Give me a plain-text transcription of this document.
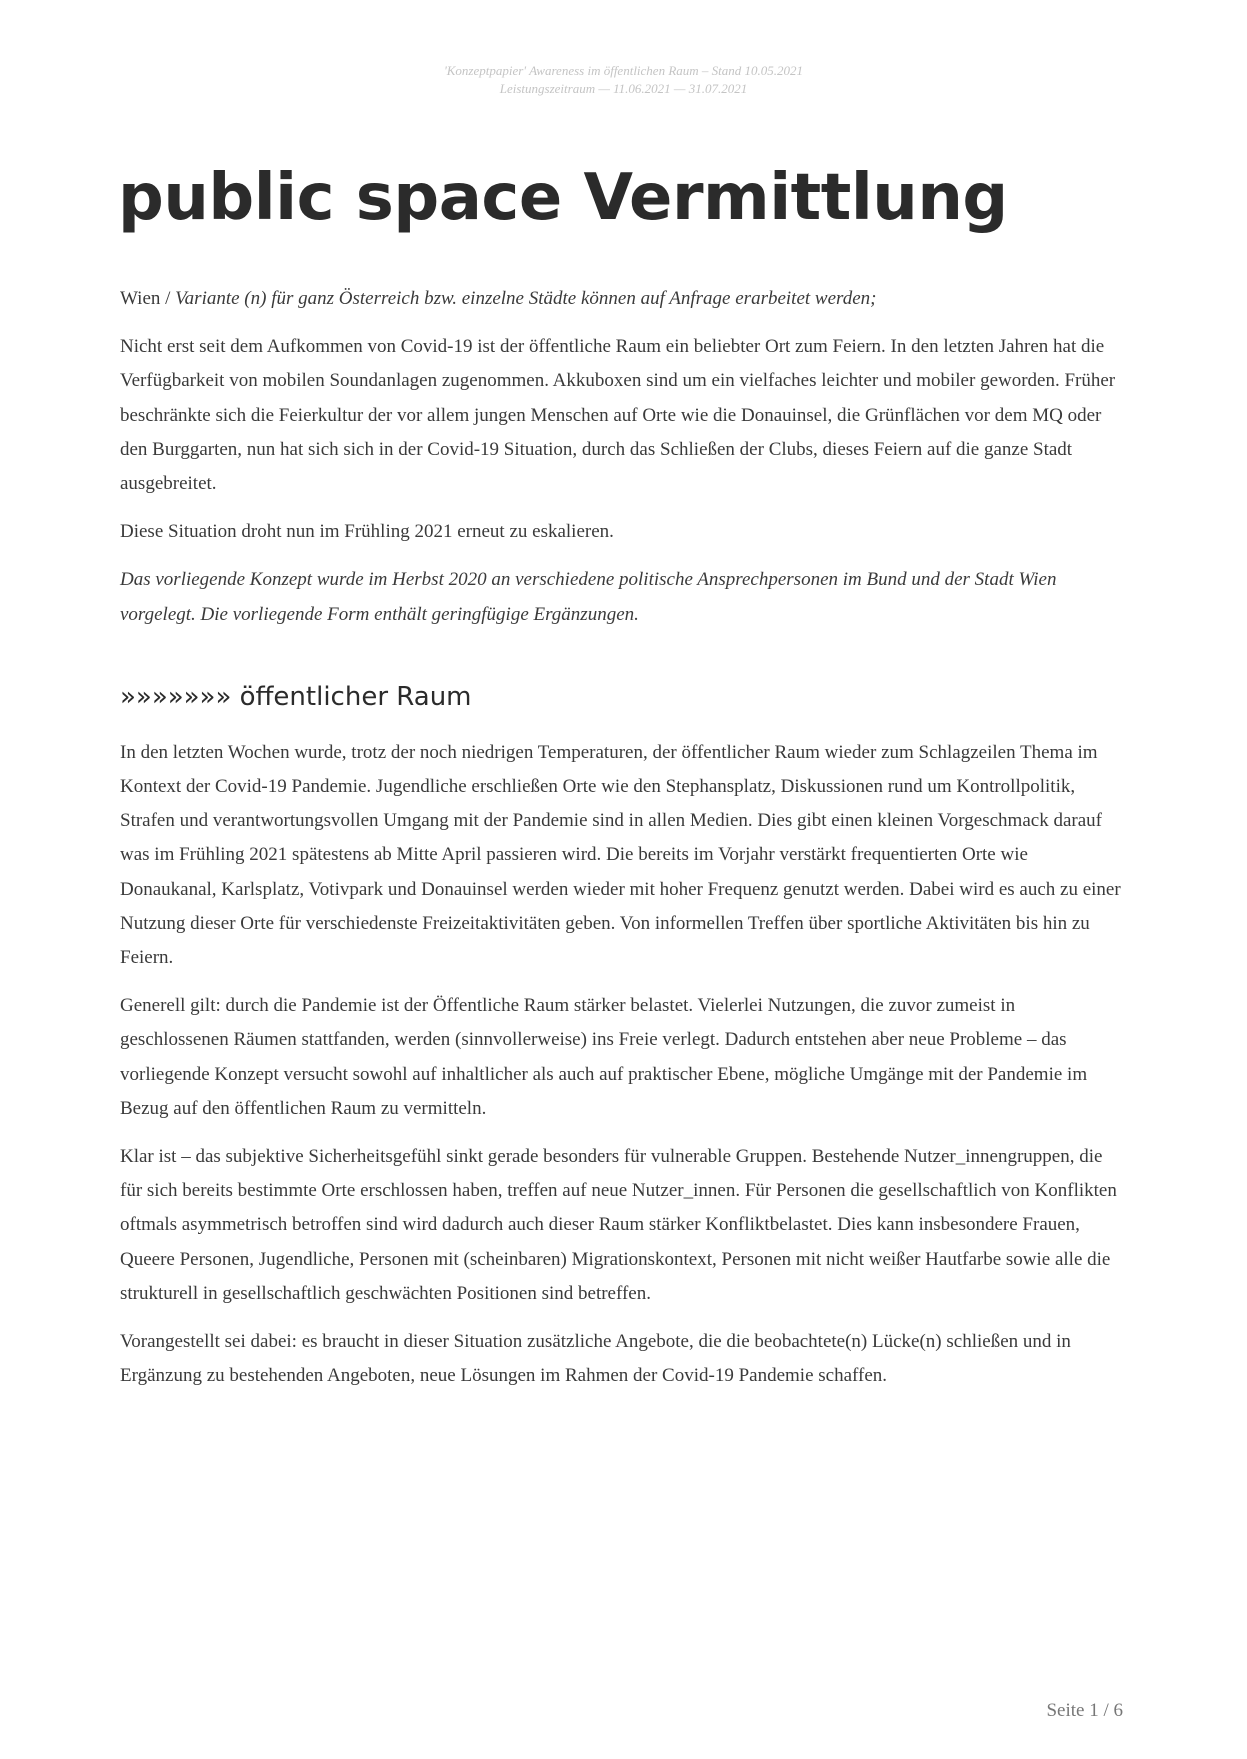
'Konzeptpapier' Awareness im öffentlichen Raum – Stand 10.05.2021
Leistungszeitraum — 11.06.2021 — 31.07.2021
public space Vermittlung

Wien / Variante (n) für ganz Österreich bzw. einzelne Städte können auf Anfrage erarbeitet werden;

Nicht erst seit dem Aufkommen von Covid-19 ist der öffentliche Raum ein beliebter Ort zum Feiern. In den letzten Jahren hat die Verfügbarkeit von mobilen Soundanlagen zugenommen. Akkuboxen sind um ein vielfaches leichter und mobiler geworden. Früher beschränkte sich die Feierkultur der vor allem jungen Menschen auf Orte wie die Donauinsel, die Grünflächen vor dem MQ oder den Burggarten, nun hat sich sich in der Covid-19 Situation, durch das Schließen der Clubs, dieses Feiern auf die ganze Stadt ausgebreitet.

Diese Situation droht nun im Frühling 2021 erneut zu eskalieren.

Das vorliegende Konzept wurde im Herbst 2020 an verschiedene politische Ansprechpersonen im Bund und der Stadt Wien vorgelegt. Die vorliegende Form enthält geringfügige Ergänzungen.

»»»»»»» öffentlicher Raum

In den letzten Wochen wurde, trotz der noch niedrigen Temperaturen, der öffentlicher Raum wieder zum Schlagzeilen Thema im Kontext der Covid-19 Pandemie. Jugendliche erschließen Orte wie den Stephansplatz, Diskussionen rund um Kontrollpolitik, Strafen und verantwortungsvollen Umgang mit der Pandemie sind in allen Medien. Dies gibt einen kleinen Vorgeschmack darauf was im Frühling 2021 spätestens ab Mitte April passieren wird. Die bereits im Vorjahr verstärkt frequentierten Orte wie Donaukanal, Karlsplatz, Votivpark und Donauinsel werden wieder mit hoher Frequenz genutzt werden. Dabei wird es auch zu einer Nutzung dieser Orte für verschiedenste Freizeitaktivitäten geben. Von informellen Treffen über sportliche Aktivitäten bis hin zu Feiern.

Generell gilt: durch die Pandemie ist der Öffentliche Raum stärker belastet. Vielerlei Nutzungen, die zuvor zumeist in geschlossenen Räumen stattfanden, werden (sinnvollerweise) ins Freie verlegt. Dadurch entstehen aber neue Probleme – das vorliegende Konzept versucht sowohl auf inhaltlicher als auch auf praktischer Ebene, mögliche Umgänge mit der Pandemie im Bezug auf den öffentlichen Raum zu vermitteln.

Klar ist – das subjektive Sicherheitsgefühl sinkt gerade besonders für vulnerable Gruppen. Bestehende Nutzer_innengruppen, die für sich bereits bestimmte Orte erschlossen haben, treffen auf neue Nutzer_innen. Für Personen die gesellschaftlich von Konflikten oftmals asymmetrisch betroffen sind wird dadurch auch dieser Raum stärker Konfliktbelastet. Dies kann insbesondere Frauen, Queere Personen, Jugendliche, Personen mit (scheinbaren) Migrationskontext, Personen mit nicht weißer Hautfarbe sowie alle die strukturell in gesellschaftlich geschwächten Positionen sind betreffen.

Vorangestellt sei dabei: es braucht in dieser Situation zusätzliche Angebote, die die beobachtete(n) Lücke(n) schließen und in Ergänzung zu bestehenden Angeboten, neue Lösungen im Rahmen der Covid-19 Pandemie schaffen.

Seite 1 / 6
